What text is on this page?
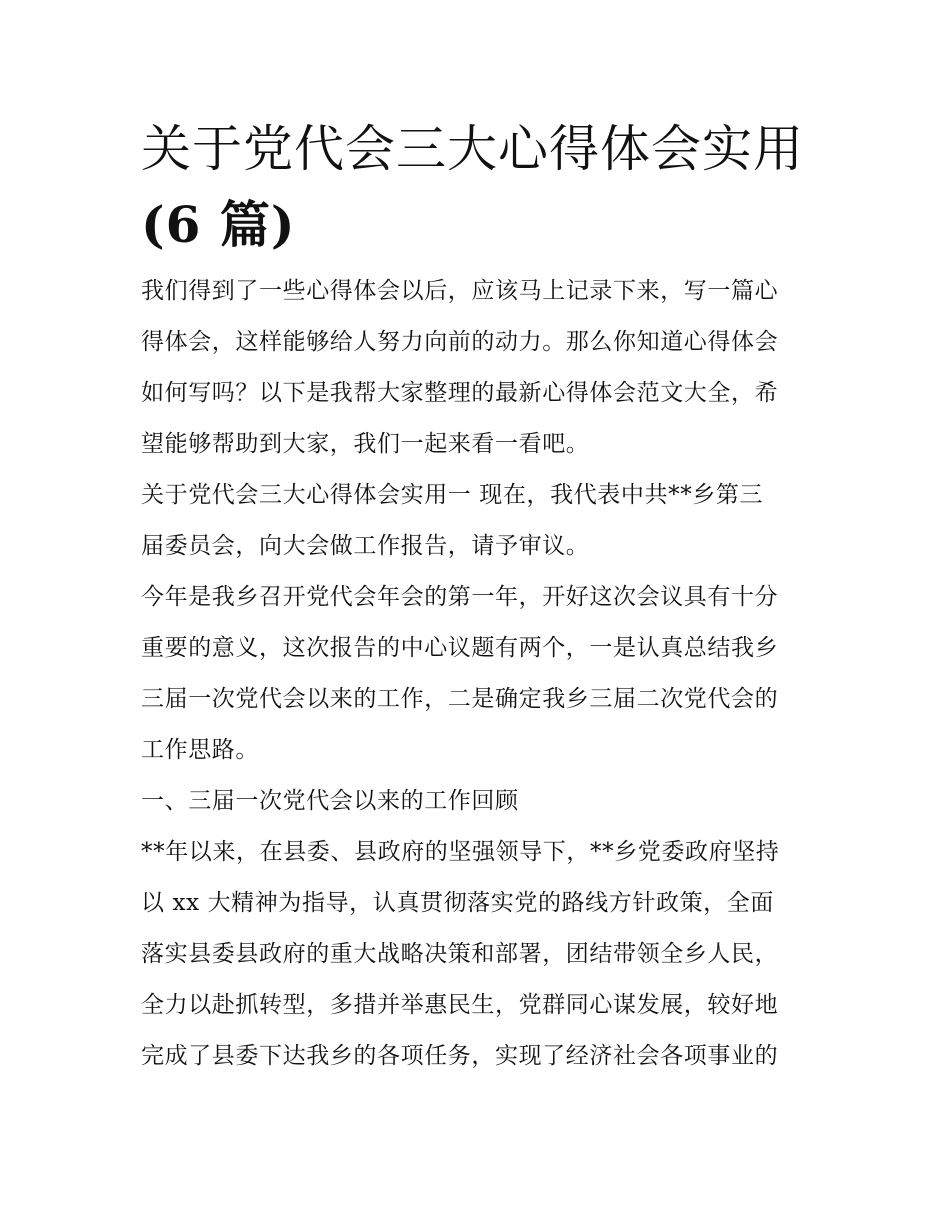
关于党代会三大心得体会实用
(6 篇)

我们得到了一些心得体会以后，应该马上记录下来，写一篇心
得体会，这样能够给人努力向前的动力。那么你知道心得体会
如何写吗？以下是我帮大家整理的最新心得体会范文大全，希
望能够帮助到大家，我们一起来看一看吧。

关于党代会三大心得体会实用一 现在，我代表中共**乡第三
届委员会，向大会做工作报告，请予审议。

今年是我乡召开党代会年会的第一年，开好这次会议具有十分
重要的意义，这次报告的中心议题有两个，一是认真总结我乡
三届一次党代会以来的工作，二是确定我乡三届二次党代会的
工作思路。

一、三届一次党代会以来的工作回顾

**年以来，在县委、县政府的坚强领导下，**乡党委政府坚持
以 xx 大精神为指导，认真贯彻落实党的路线方针政策，全面
落实县委县政府的重大战略决策和部署，团结带领全乡人民，
全力以赴抓转型，多措并举惠民生，党群同心谋发展，较好地
完成了县委下达我乡的各项任务，实现了经济社会各项事业的
